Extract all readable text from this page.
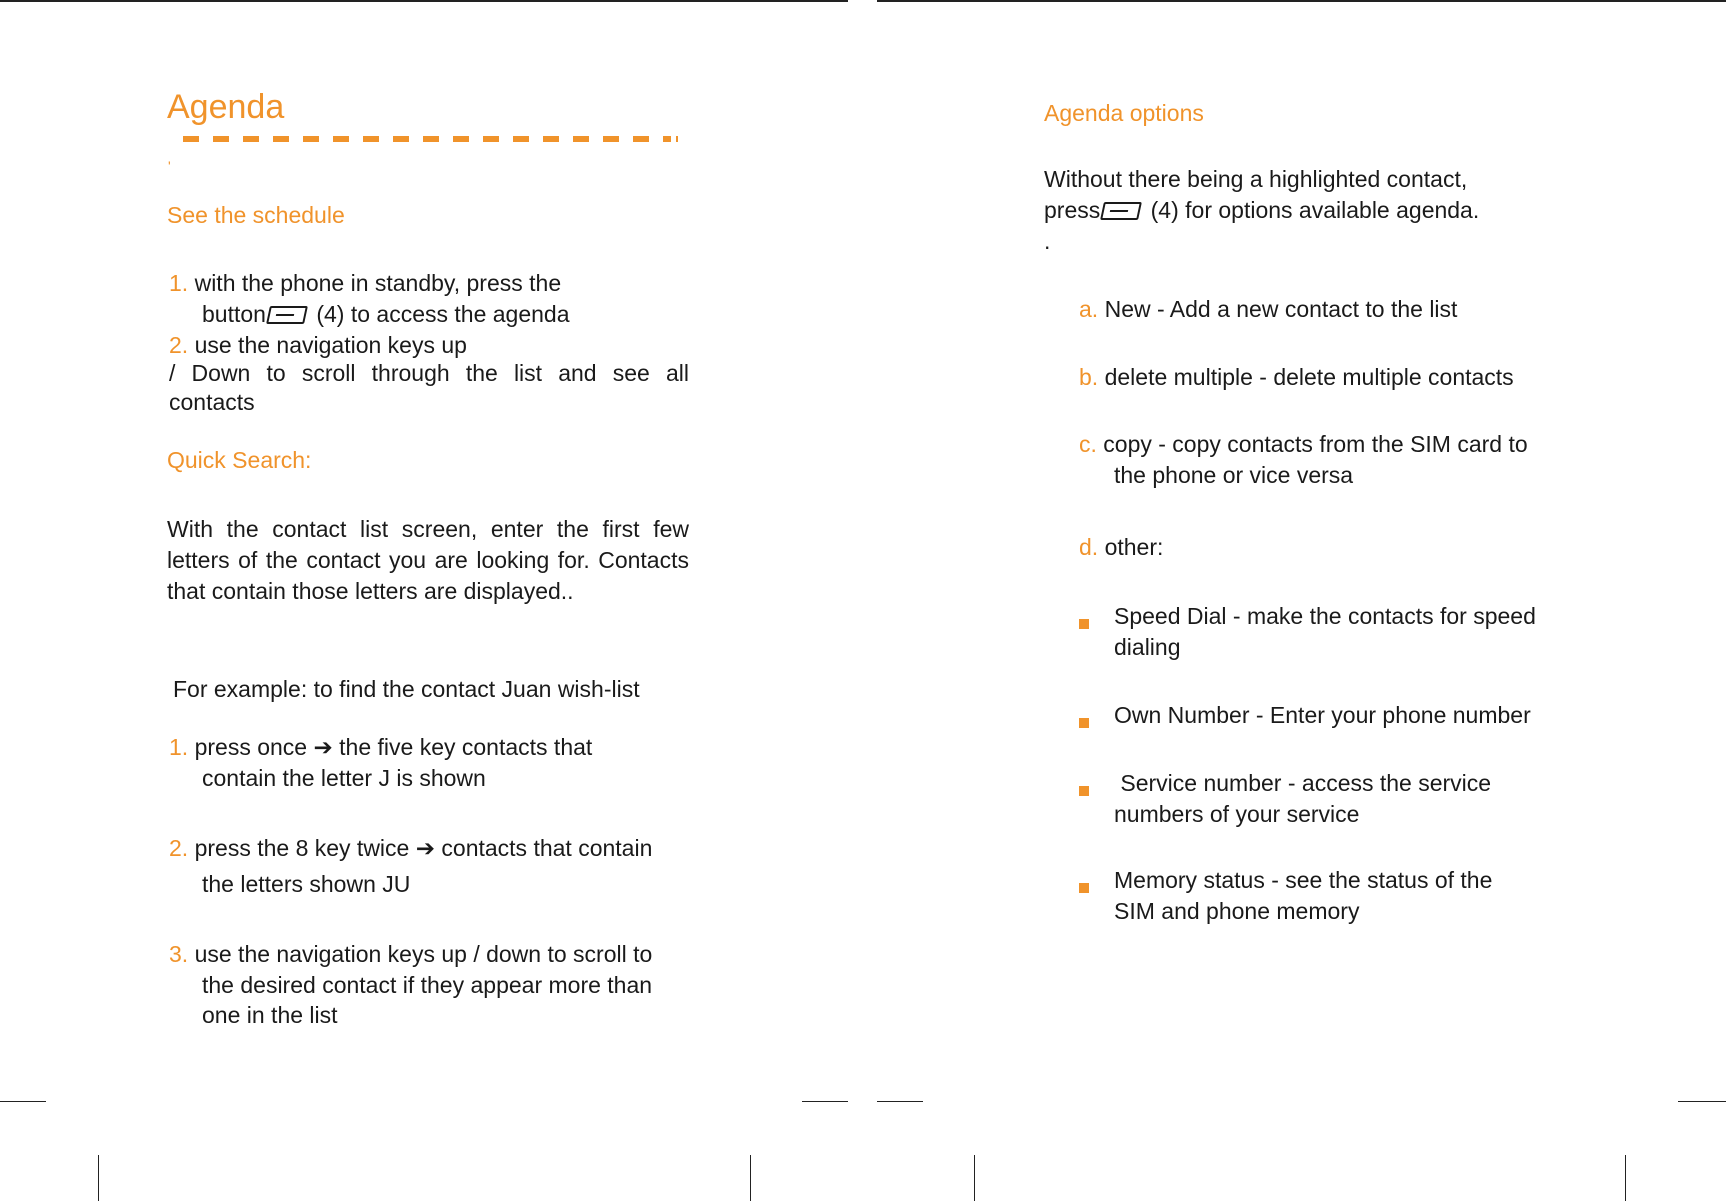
Agenda
'
See the schedule
1. with the phone in standby, press the
button (4) to access the agenda
2. use the navigation keys up
/ Down to scroll through the list and see all contacts
Quick Search:

With the contact list screen, enter the first few letters of the contact you are looking for. Contacts that contain those letters are displayed..

For example: to find the contact Juan wish-list
1. press once ➔ the five key contacts that
contain the letter J is shown
2. press the 8 key twice ➔ contacts that contain
the letters shown JU
3. use the navigation keys up / down to scroll to
the desired contact if they appear more than
one in the list
Agenda options
Without there being a highlighted contact,
press (4) for options available agenda.
.
a. New - Add a new contact to the list
b. delete multiple - delete multiple contacts
c. copy - copy contacts from the SIM card to
the phone or vice versa
d. other:
Speed Dial - make the contacts for speed
dialing
Own Number - Enter your phone number
Service number - access the service
numbers of your service
Memory status - see the status of the
SIM and phone memory
